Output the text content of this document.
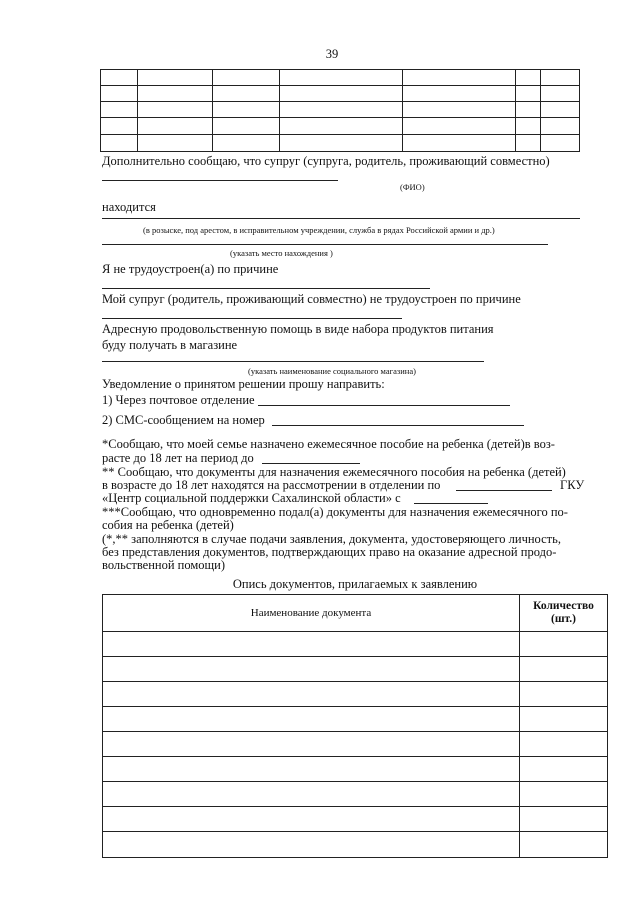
39

Дополнительно сообщаю, что супруг (супруга, родитель, проживающий совместно)
(ФИО)
находится
(в розыске, под арестом, в исправительном учреждении, служба в рядах Российской армии и др.)
(указать место нахождения )
Я не трудоустроен(а) по причине
Мой супруг (родитель, проживающий совместно) не трудоустроен по причине
Адресную продовольственную помощь в виде набора продуктов питания
буду получать в магазине
(указать наименование социального магазина)
Уведомление о принятом решении прошу направить:
1) Через почтовое отделение
2) СМС-сообщением на номер
*Сообщаю, что моей семье назначено ежемесячное пособие на ребенка (детей)в воз-
расте до 18 лет на период до
** Сообщаю, что документы для назначения ежемесячного пособия на ребенка (детей)
в возрасте до 18 лет находятся на рассмотрении в отделении по	ГКУ
«Центр социальной поддержки Сахалинской области» с
***Сообщаю, что одновременно подал(а) документы для назначения ежемесячного по-
собия на ребенка (детей)
(*,** заполняются в случае подачи заявления, документа, удостоверяющего личность,
без представления документов, подтверждающих право на оказание адресной продо-
вольственной помощи)
Опись документов, прилагаемых к заявлению
Наименование документа	Количество
(шт.)
